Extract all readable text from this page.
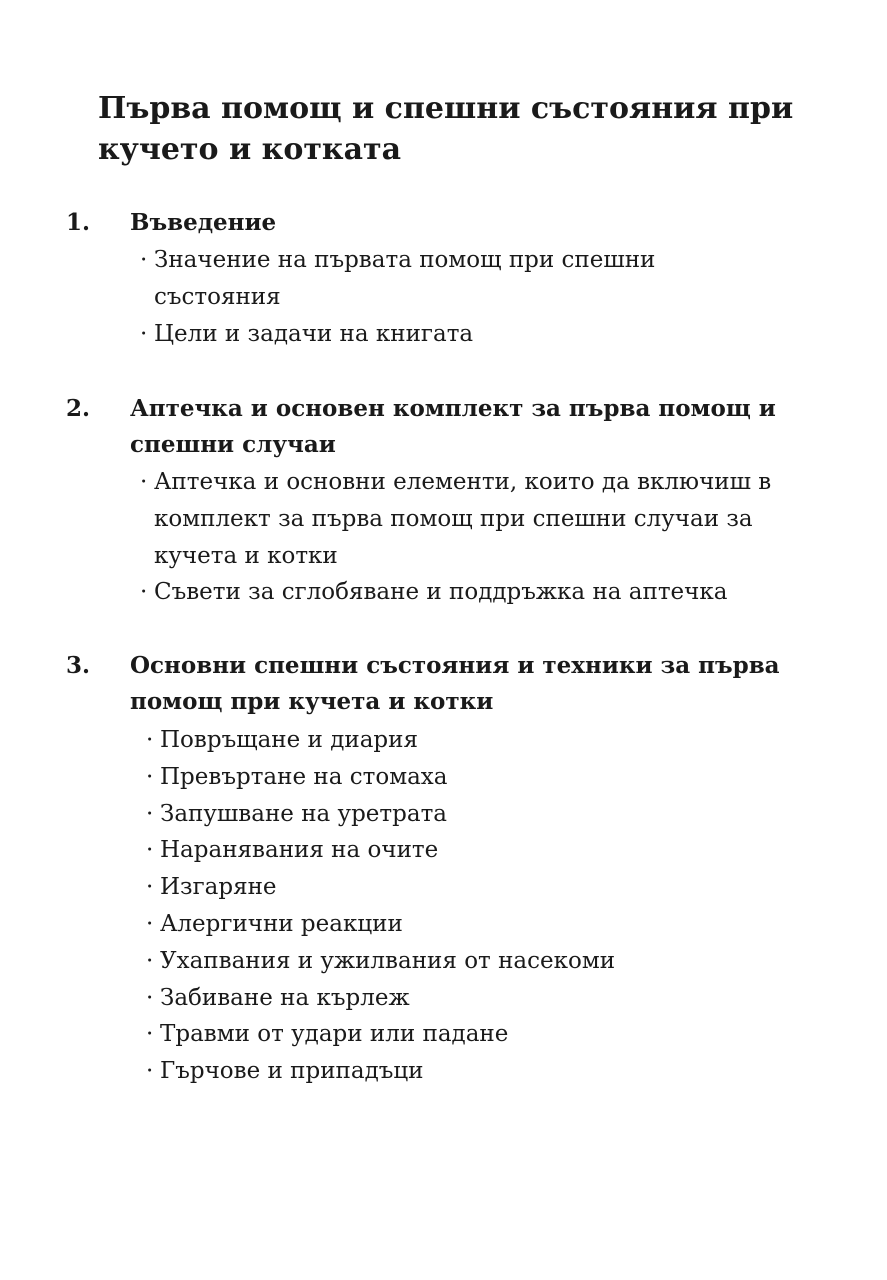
Първа помощ и спешни състояния при кучето и котката
1. Въведение
· Значение на първата помощ при спешни състояния
· Цели и задачи на книгата
2. Аптечка и основен комплект за първа помощ и спешни случаи
· Аптечка и основни елементи, които да включиш в комплект за първа помощ при спешни случаи за кучета и котки
· Съвети за сглобяване и поддръжка на аптечка
3. Основни спешни състояния и техники за първа помощ при кучета и котки
· Повръщане и диария
· Превъртане на стомаха
· Запушване на уретрата
· Наранявания на очите
· Изгаряне
· Алергични реакции
· Ухапвания и ужилвания от насекоми
· Забиване на кърлеж
· Травми от удари или падане
· Гърчове и припадъци
